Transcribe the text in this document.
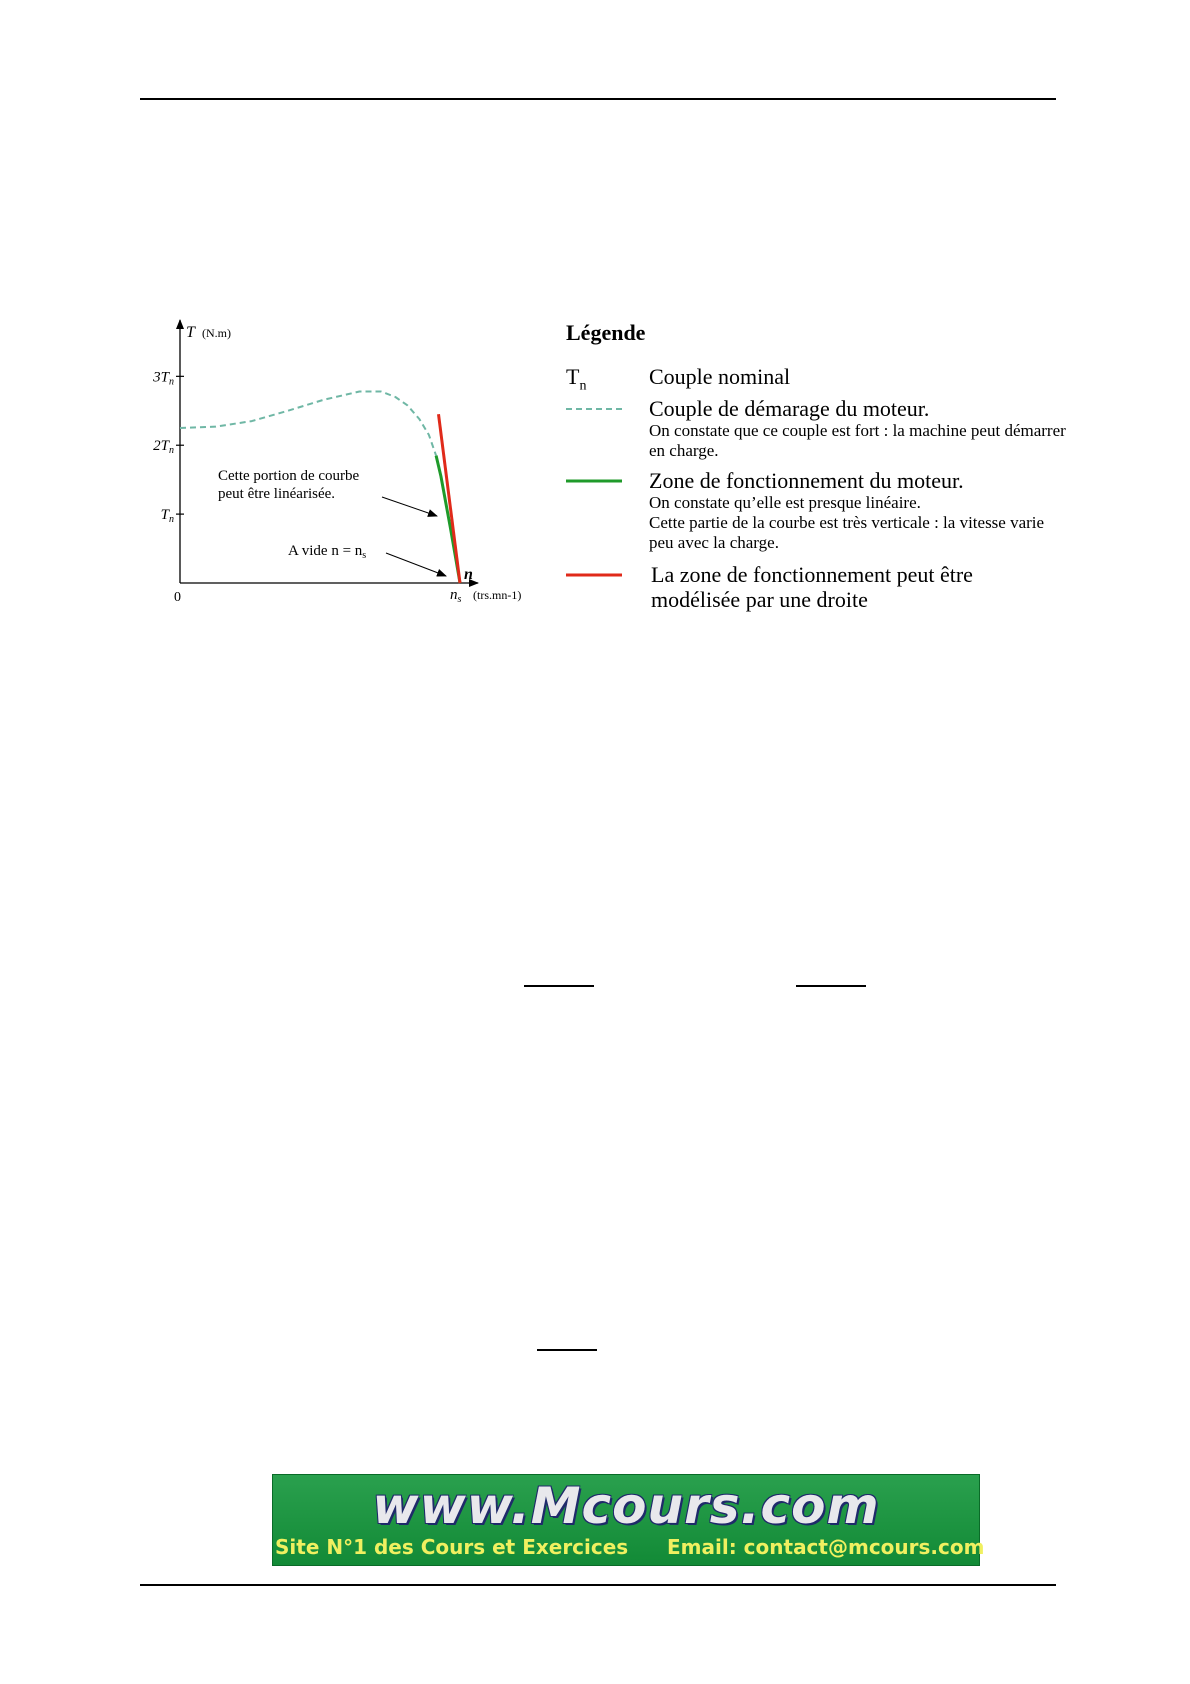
$T_n$
$2T_n$
$3T_n$
T (N.m)
n
$n_s$ (trs.mn-1)
0
Cette portion de courbe peut être linéarisée.
A vide $n = n_s$
Légende
$T_n$	Couple nominal
Couple de démarage du moteur.
On constate que ce couple est fort : la machine peut démarrer en charge.
Zone de fonctionnement du moteur.
On constate qu’elle est presque linéaire.
Cette partie de la courbe est très verticale : la vitesse varie peu avec la charge.
La zone de fonctionnement peut être
modélisée par une droite
www.Mcours.com
Site N°1 des Cours et Exercices Email: contact@mcours.com
